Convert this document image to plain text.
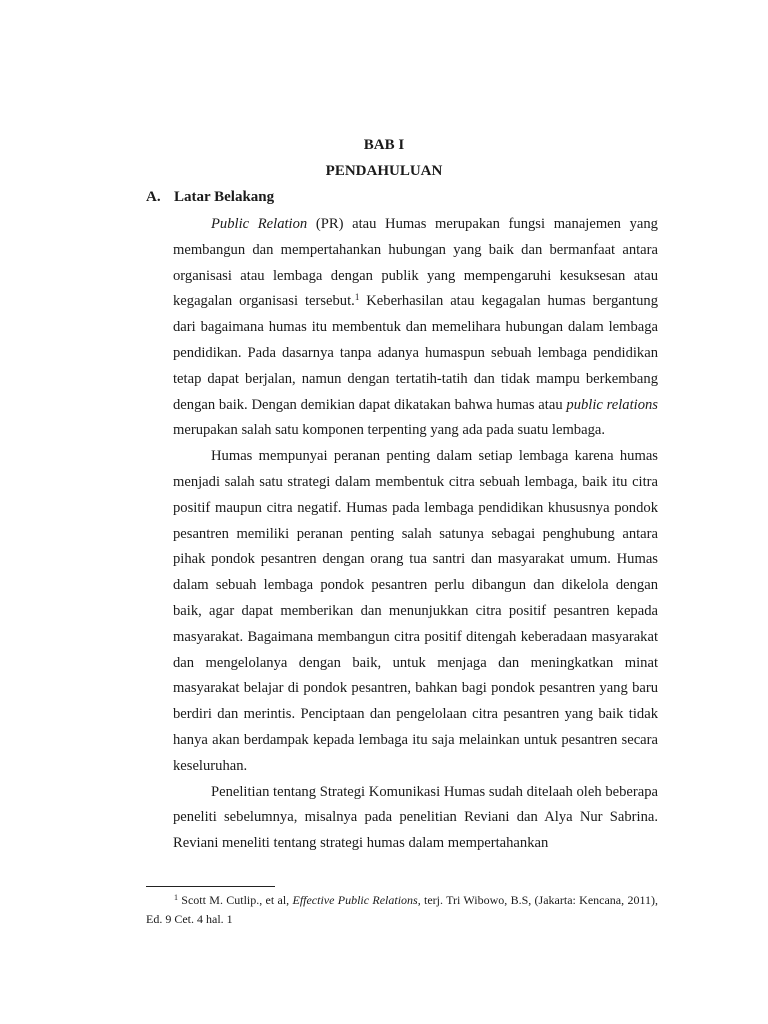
BAB I
PENDAHULUAN
A. Latar Belakang

Public Relation (PR) atau Humas merupakan fungsi manajemen yang membangun dan mempertahankan hubungan yang baik dan bermanfaat antara organisasi atau lembaga dengan publik yang mempengaruhi kesuksesan atau kegagalan organisasi tersebut.$^1$ Keberhasilan atau kegagalan humas bergantung dari bagaimana humas itu membentuk dan memelihara hubungan dalam lembaga pendidikan. Pada dasarnya tanpa adanya humaspun sebuah lembaga pendidikan tetap dapat berjalan, namun dengan tertatih-tatih dan tidak mampu berkembang dengan baik. Dengan demikian dapat dikatakan bahwa humas atau public relations merupakan salah satu komponen terpenting yang ada pada suatu lembaga.

Humas mempunyai peranan penting dalam setiap lembaga karena humas menjadi salah satu strategi dalam membentuk citra sebuah lembaga, baik itu citra positif maupun citra negatif. Humas pada lembaga pendidikan khususnya pondok pesantren memiliki peranan penting salah satunya sebagai penghubung antara pihak pondok pesantren dengan orang tua santri dan masyarakat umum. Humas dalam sebuah lembaga pondok pesantren perlu dibangun dan dikelola dengan baik, agar dapat memberikan dan menunjukkan citra positif pesantren kepada masyarakat. Bagaimana membangun citra positif ditengah keberadaan masyarakat dan mengelolanya dengan baik, untuk menjaga dan meningkatkan minat masyarakat belajar di pondok pesantren, bahkan bagi pondok pesantren yang baru berdiri dan merintis. Penciptaan dan pengelolaan citra pesantren yang baik tidak hanya akan berdampak kepada lembaga itu saja melainkan untuk pesantren secara keseluruhan.

Penelitian tentang Strategi Komunikasi Humas sudah ditelaah oleh beberapa peneliti sebelumnya, misalnya pada penelitian Reviani dan Alya Nur Sabrina. Reviani meneliti tentang strategi humas dalam mempertahankan

$^1$ Scott M. Cutlip., et al, Effective Public Relations, terj. Tri Wibowo, B.S, (Jakarta: Kencana, 2011), Ed. 9 Cet. 4 hal. 1
